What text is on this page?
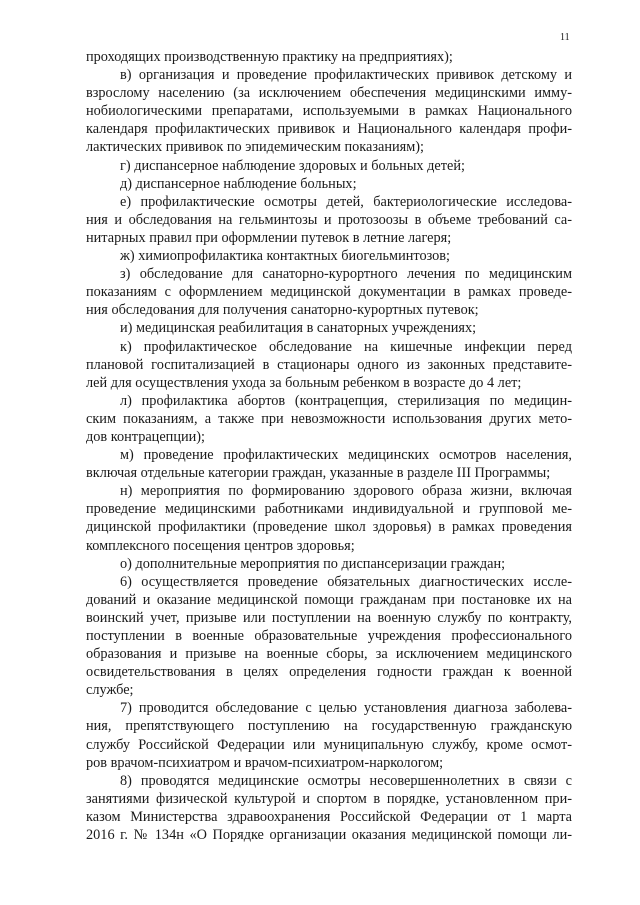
11
проходящих производственную практику на предприятиях);
в) организация и проведение профилактических прививок детскому и
взрослому населению (за исключением обеспечения медицинскими имму-
нобиологическими препаратами, используемыми в рамках Национального
календаря профилактических прививок и Национального календаря профи-
лактических прививок по эпидемическим показаниям);
г) диспансерное наблюдение здоровых и больных детей;
д) диспансерное наблюдение больных;
е) профилактические осмотры детей, бактериологические исследова-
ния и обследования на гельминтозы и протозоозы в объеме требований са-
нитарных правил при оформлении путевок в летние лагеря;
ж) химиопрофилактика контактных биогельминтозов;
з) обследование для санаторно-курортного лечения по медицинским
показаниям с оформлением медицинской документации в рамках проведе-
ния обследования для получения санаторно-курортных путевок;
и) медицинская реабилитация в санаторных учреждениях;
к) профилактическое обследование на кишечные инфекции перед
плановой госпитализацией в стационары одного из законных представите-
лей для осуществления ухода за больным ребенком в возрасте до 4 лет;
л) профилактика абортов (контрацепция, стерилизация по медицин-
ским показаниям, а также при невозможности использования других мето-
дов контрацепции);
м) проведение профилактических медицинских осмотров населения,
включая отдельные категории граждан, указанные в разделе III Программы;
н) мероприятия по формированию здорового образа жизни, включая
проведение медицинскими работниками индивидуальной и групповой ме-
дицинской профилактики (проведение школ здоровья) в рамках проведения
комплексного посещения центров здоровья;
о) дополнительные мероприятия по диспансеризации граждан;
6) осуществляется проведение обязательных диагностических иссле-
дований и оказание медицинской помощи гражданам при постановке их на
воинский учет, призыве или поступлении на военную службу по контракту,
поступлении в военные образовательные учреждения профессионального
образования и призыве на военные сборы, за исключением медицинского
освидетельствования в целях определения годности граждан к военной
службе;
7) проводится обследование с целью установления диагноза заболева-
ния, препятствующего поступлению на государственную гражданскую
службу Российской Федерации или муниципальную службу, кроме осмот-
ров врачом-психиатром и врачом-психиатром-наркологом;
8) проводятся медицинские осмотры несовершеннолетних в связи с
занятиями физической культурой и спортом в порядке, установленном при-
казом Министерства здравоохранения Российской Федерации от 1 марта
2016 г. № 134н «О Порядке организации оказания медицинской помощи ли-
